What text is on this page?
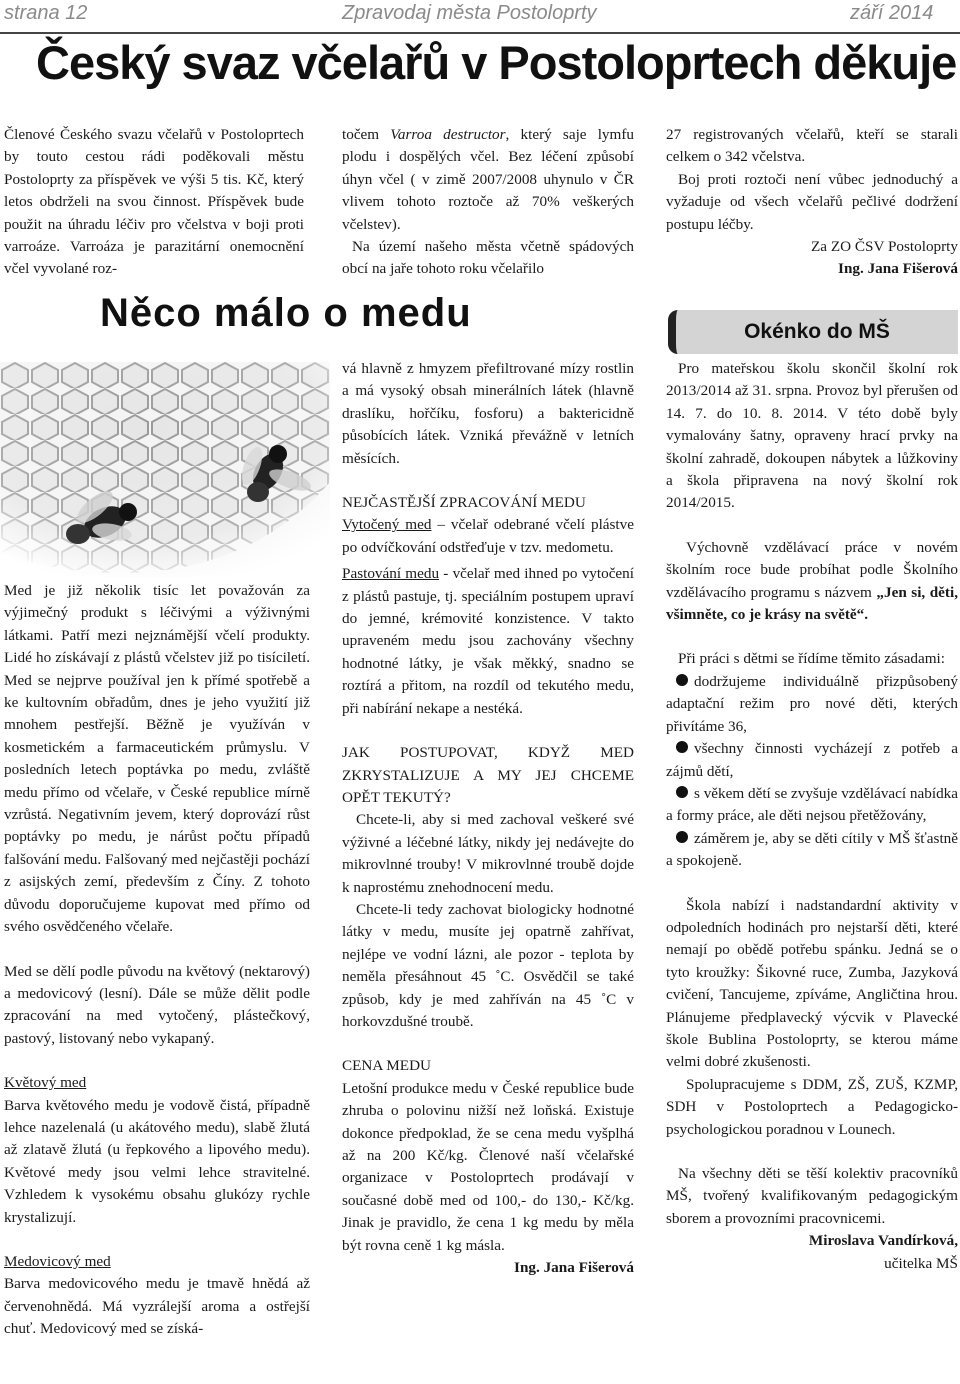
strana 12	Zpravodaj města Postoloprty	září 2014
Český svaz včelařů v Postoloprtech děkuje

Členové Českého svazu včelařů v Postoloprtech by touto cestou rádi poděkovali městu Postoloprty za příspěvek ve výši 5 tis. Kč, který letos obdrželi na svou činnost. Příspěvek bude použit na úhradu léčiv pro včelstva v boji proti varroáze. Varroáza je parazitární onemocnění včel vyvolané roz-

točem Varroa destructor, který saje lymfu plodu i dospělých včel. Bez léčení způsobí úhyn včel ( v zimě 2007/2008 uhynulo v ČR vlivem tohoto roztoče až 70% veškerých včelstev).

Na území našeho města včetně spádových obcí na jaře tohoto roku včelařilo

27 registrovaných včelařů, kteří se starali celkem o 342 včelstva.

Boj proti roztoči není vůbec jednoduchý a vyžaduje od všech včelařů pečlivé dodržení postupu léčby.

Za ZO ČSV Postoloprty

Ing. Jana Fišerová

Něco málo o medu

Med je již několik tisíc let považován za výjimečný produkt s léčivými a výživnými látkami. Patří mezi nejznámější včelí produkty. Lidé ho získávají z plástů včelstev již po tisíciletí. Med se nejprve používal jen k přímé spotřebě a ke kultovním obřadům, dnes je jeho využití již mnohem pestřejší. Běžně je využíván v kosmetickém a farmaceutickém průmyslu. V posledních letech poptávka po medu, zvláště medu přímo od včelaře, v České republice mírně vzrůstá. Negativním jevem, který doprovází růst poptávky po medu, je nárůst počtu případů falšování medu. Falšovaný med nejčastěji pochází z asijských zemí, především z Číny. Z tohoto důvodu doporučujeme kupovat med přímo od svého osvědčeného včelaře.

Med se dělí podle původu na květový (nektarový) a medovicový (lesní). Dále se může dělit podle zpracování na med vytočený, plástečkový, pastový, listovaný nebo vykapaný.

Květový med

Barva květového medu je vodově čistá, případně lehce nazelenalá (u akátového medu), slabě žlutá až zlatavě žlutá (u řepkového a lipového medu). Květové medy jsou velmi lehce stravitelné. Vzhledem k vysokému obsahu glukózy rychle krystalizují.

Medovicový med

Barva medovicového medu je tmavě hnědá až červenohnědá. Má vyzrálejší aroma a ostřejší chuť. Medovicový med se získá-

vá hlavně z hmyzem přefiltrované mízy rostlin a má vysoký obsah minerálních látek (hlavně draslíku, hořčíku, fosforu) a baktericidně působících látek. Vzniká převážně v letních měsících.

NEJČASTĚJŠÍ ZPRACOVÁNÍ MEDU

Vytočený med – včelař odebrané včelí plástve po odvíčkování odstřeďuje v tzv. medometu.

Pastování medu - včelař med ihned po vytočení z plástů pastuje, tj. speciálním postupem upraví do jemné, krémovité konzistence. V takto upraveném medu jsou zachovány všechny hodnotné látky, je však měkký, snadno se roztírá a přitom, na rozdíl od tekutého medu, při nabírání nekape a nestéká.

JAK POSTUPOVAT, KDYŽ MED ZKRYSTALIZUJE A MY JEJ CHCEME OPĚT TEKUTÝ?

Chcete-li, aby si med zachoval veškeré své výživné a léčebné látky, nikdy jej nedávejte do mikrovlnné trouby! V mikrovlnné troubě dojde k naprostému znehodnocení medu.

Chcete-li tedy zachovat biologicky hodnotné látky v medu, musíte jej opatrně zahřívat, nejlépe ve vodní lázni, ale pozor - teplota by neměla přesáhnout 45 ˚C. Osvědčil se také způsob, kdy je med zahříván na 45 ˚C v horkovzdušné troubě.

CENA MEDU

Letošní produkce medu v České republice bude zhruba o polovinu nižší než loňská. Existuje dokonce předpoklad, že se cena medu vyšplhá až na 200 Kč/kg. Členové naší včelařské organizace v Postoloprtech prodávají v současné době med od 100,- do 130,- Kč/kg. Jinak je pravidlo, že cena 1 kg medu by měla být rovna ceně 1 kg másla.

Ing. Jana Fišerová

Okénko do MŠ

Pro mateřskou školu skončil školní rok 2013/2014 až 31. srpna. Provoz byl přerušen od 14. 7. do 10. 8. 2014. V této době byly vymalovány šatny, opraveny hrací prvky na školní zahradě, dokoupen nábytek a lůžkoviny a škola připravena na nový školní rok 2014/2015.

Výchovně vzdělávací práce v novém školním roce bude probíhat podle Školního vzdělávacího programu s názvem „Jen si, děti, všimněte, co je krásy na světě“.

Při práci s dětmi se řídíme těmito zásadami:

dodržujeme individuálně přizpůsobený adaptační režim pro nové děti, kterých přivítáme 36,

všechny činnosti vycházejí z potřeb a zájmů dětí,

s věkem dětí se zvyšuje vzdělávací nabídka a formy práce, ale děti nejsou přetěžovány,

záměrem je, aby se děti cítily v MŠ šťastně a spokojeně.

Škola nabízí i nadstandardní aktivity v odpoledních hodinách pro nejstarší děti, které nemají po obědě potřebu spánku. Jedná se o tyto kroužky: Šikovné ruce, Zumba, Jazyková cvičení, Tancujeme, zpíváme, Angličtina hrou. Plánujeme předplavecký výcvik v Plavecké škole Bublina Postoloprty, se kterou máme velmi dobré zkušenosti.

Spolupracujeme s DDM, ZŠ, ZUŠ, KZMP, SDH v Postoloprtech a Pedagogicko-psychologickou poradnou v Lounech.

Na všechny děti se těší kolektiv pracovníků MŠ, tvořený kvalifikovaným pedagogickým sborem a provozními pracovnicemi.

Miroslava Vandírková,

učitelka MŠ
